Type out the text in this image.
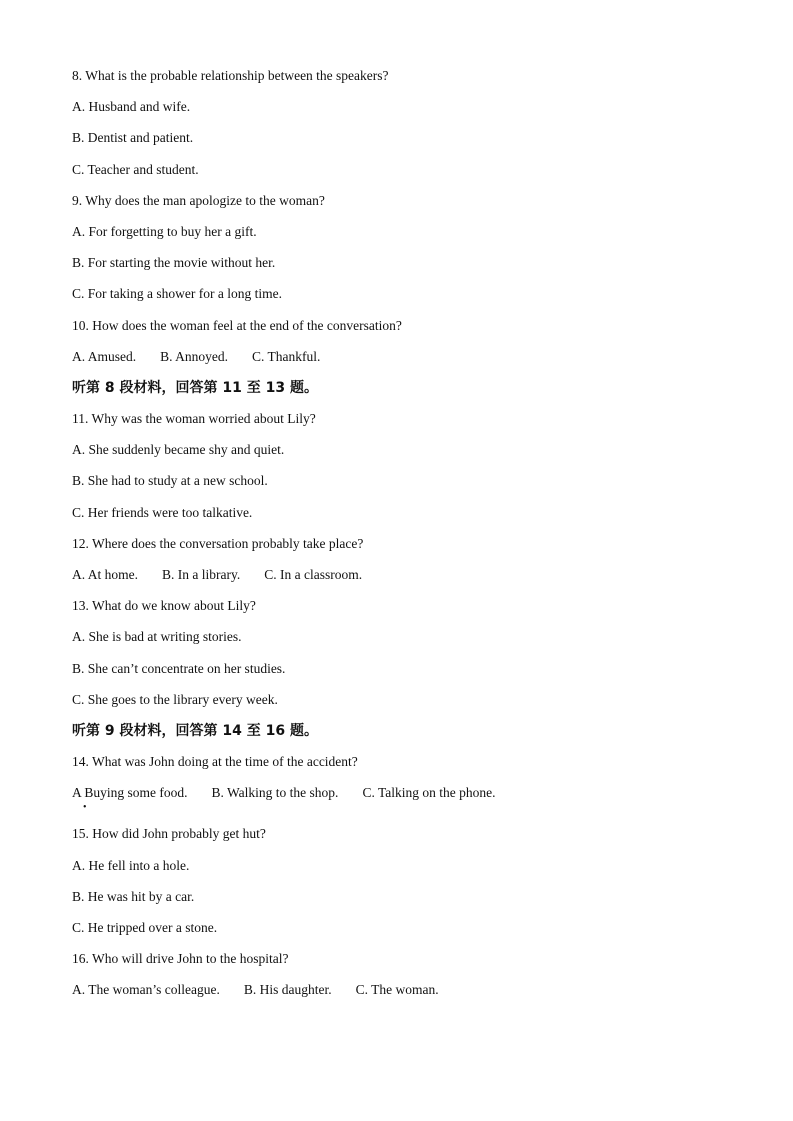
8. What is the probable relationship between the speakers?
A. Husband and wife.
B. Dentist and patient.
C. Teacher and student.
9. Why does the man apologize to the woman?
A. For forgetting to buy her a gift.
B. For starting the movie without her.
C. For taking a shower for a long time.
10. How does the woman feel at the end of the conversation?
A. Amused. B. Annoyed. C. Thankful.
听第 8 段材料，回答第 11 至 13 题。
11. Why was the woman worried about Lily?
A. She suddenly became shy and quiet.
B. She had to study at a new school.
C. Her friends were too talkative.
12. Where does the conversation probably take place?
A. At home. B. In a library. C. In a classroom.
13. What do we know about Lily?
A. She is bad at writing stories.
B. She can’t concentrate on her studies.
C. She goes to the library every week.
听第 9 段材料，回答第 14 至 16 题。
14. What was John doing at the time of the accident?
A Buying some food. B. Walking to the shop. C. Talking on the phone.
•
15. How did John probably get hut?
A. He fell into a hole.
B. He was hit by a car.
C. He tripped over a stone.
16. Who will drive John to the hospital?
A. The woman’s colleague. B. His daughter. C. The woman.
